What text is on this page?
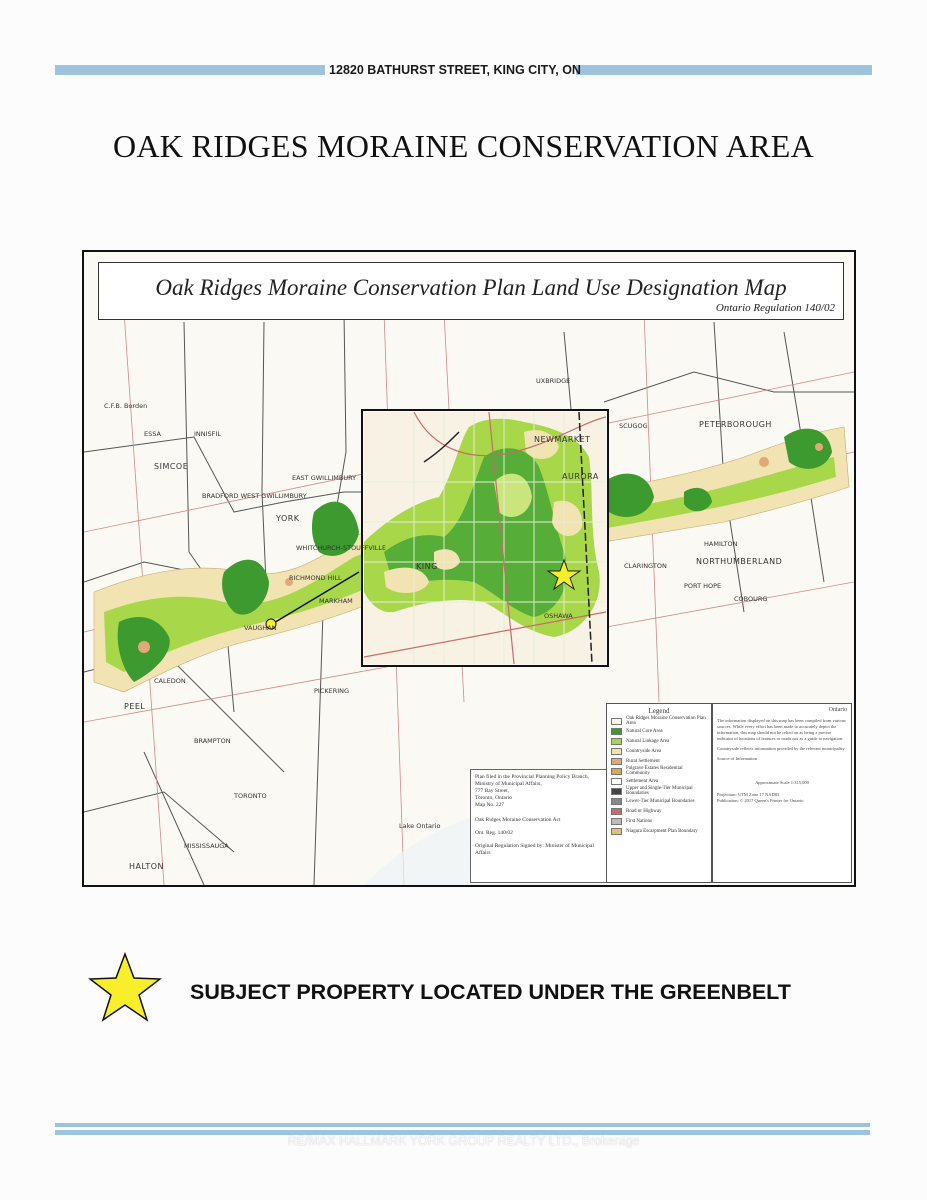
12820 BATHURST STREET, KING CITY, ON
OAK RIDGES MORAINE CONSERVATION AREA
Oak Ridges Moraine Conservation Plan Land Use Designation Map
Ontario Regulation 140/02
C.F.B. Borden
ESSA	INNISFIL
SIMCOE
BRADFORD WEST GWILLIMBURY
EAST GWILLIMBURY
YORK
WHITCHURCH-STOUFFVILLE
RICHMOND HILL
MARKHAM
VAUGHAN
PEEL
CALEDON
BRAMPTON
TORONTO
MISSISSAUGA
HALTON
PICKERING
Lake Ontario
UXBRIDGE
SCUGOG
OSHAWA
CLARINGTON
PETERBOROUGH
HAMILTON
NORTHUMBERLAND
PORT HOPE
COBOURG
KING
NEWMARKET
AURORA
Plan filed in the Provincial Planning Policy Branch,
Ministry of Municipal Affairs,
777 Bay Street,
Toronto, Ontario
Map No. 227
Oak Ridges Moraine Conservation Act
Ont. Reg. 140/02
Original Regulation Signed by: Minister of Municipal Affairs
Legend
Oak Ridges Moraine Conservation Plan Area
Natural Core Area
Natural Linkage Area
Countryside Area
Rural Settlement
Palgrave Estates Residential Community
Settlement Area
Upper and Single-Tier Municipal Boundaries
Lower-Tier Municipal Boundaries
Road or Highway
First Nations
Niagara Escarpment Plan Boundary
Ontario
The information displayed on this map has been compiled from various sources. While every effort has been made to accurately depict the information, this map should not be relied on as being a precise indicator of locations of features or roads nor as a guide to navigation.
Countryside reflects information provided by the relevant municipality.
Source of Information
Approximate Scale 1:315,000
Projection: UTM Zone 17 NAD83
Publication: © 2017 Queen's Printer for Ontario
SUBJECT PROPERTY LOCATED UNDER THE GREENBELT
RE/MAX HALLMARK YORK GROUP REALTY LTD., Brokerage
